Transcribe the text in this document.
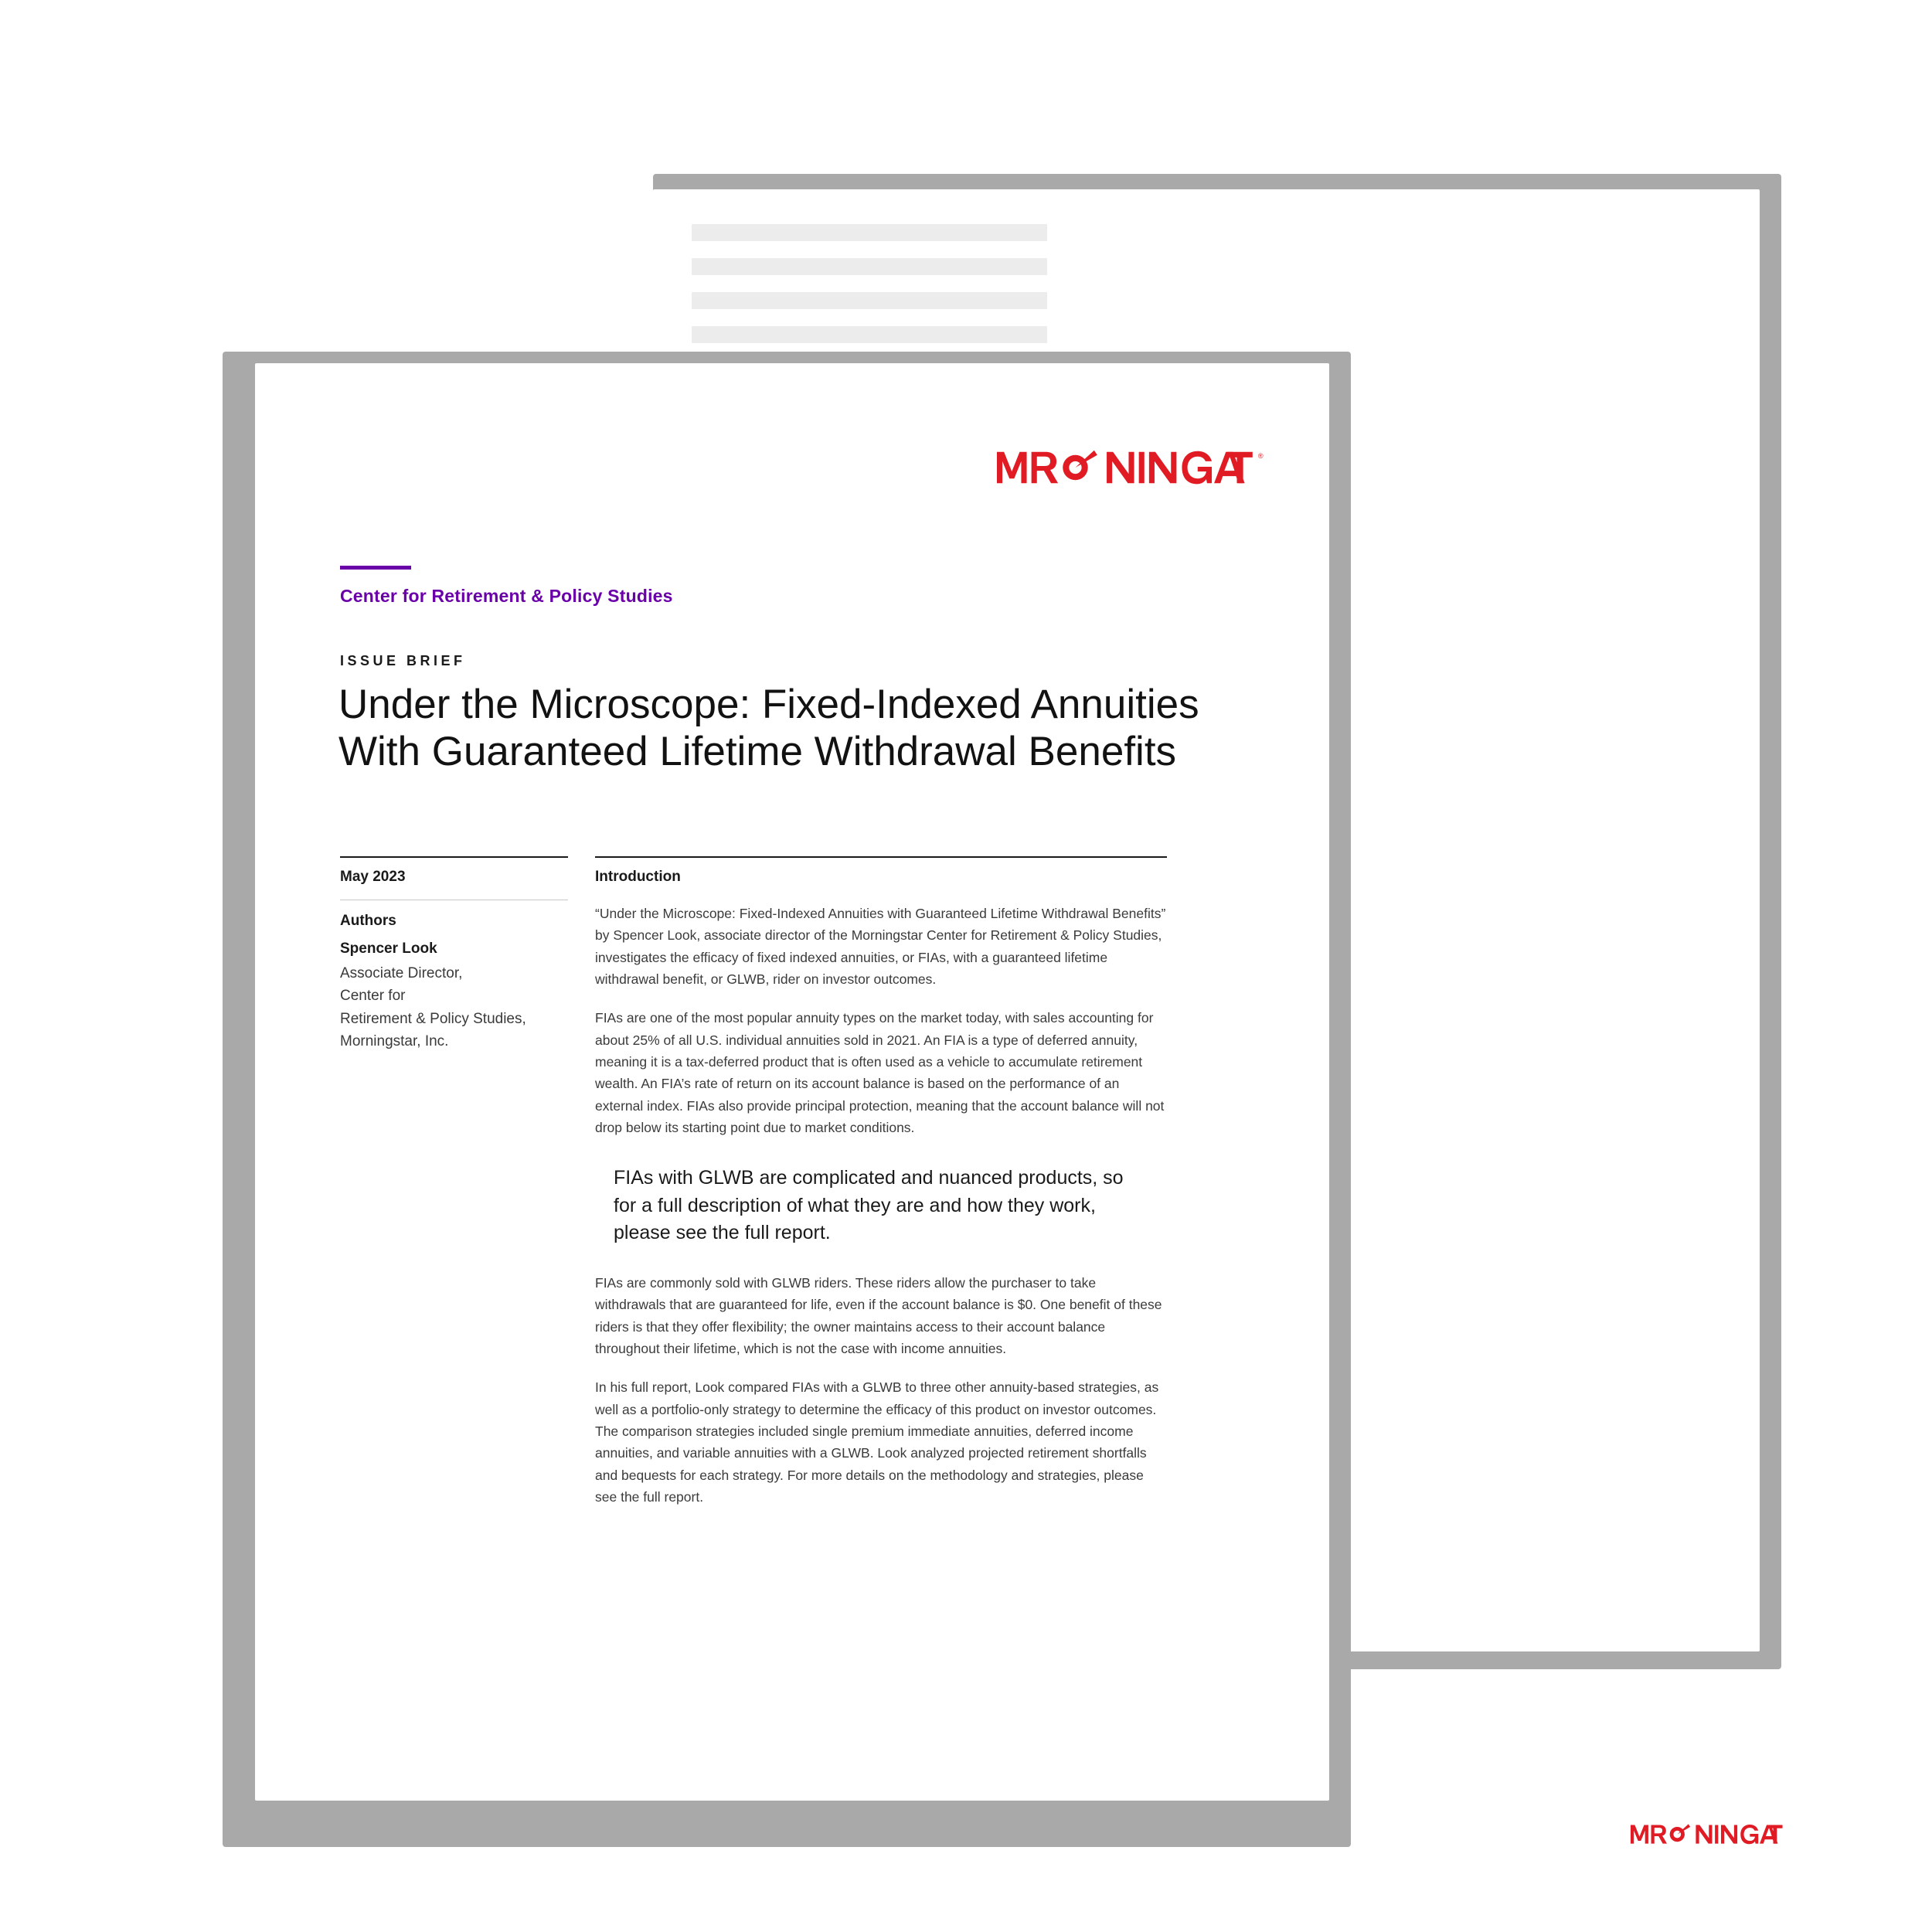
®
Center for Retirement & Policy Studies
ISSUE BRIEF
Under the Microscope: Fixed-Indexed Annuities With Guaranteed Lifetime Withdrawal Benefits
May 2023
Authors
Spencer Look
Associate Director,
Center for
Retirement & Policy Studies,
Morningstar, Inc.
Introduction

“Under the Microscope: Fixed-Indexed Annuities with Guaranteed Lifetime Withdrawal Benefits” by Spencer Look, associate director of the Morningstar Center for Retirement & Policy Studies, investigates the efficacy of fixed indexed annuities, or FIAs, with a guaranteed lifetime withdrawal benefit, or GLWB, rider on investor outcomes.

FIAs are one of the most popular annuity types on the market today, with sales accounting for about 25% of all U.S. individual annuities sold in 2021. An FIA is a type of deferred annuity, meaning it is a tax-deferred product that is often used as a vehicle to accumulate retirement wealth. An FIA’s rate of return on its account balance is based on the performance of an external index. FIAs also provide principal protection, meaning that the account balance will not drop below its starting point due to market conditions.

FIAs with GLWB are complicated and nuanced products, so for a full description of what they are and how they work, please see the full report.

FIAs are commonly sold with GLWB riders. These riders allow the purchaser to take withdrawals that are guaranteed for life, even if the account balance is $0. One benefit of these riders is that they offer flexibility; the owner maintains access to their account balance throughout their lifetime, which is not the case with income annuities.

In his full report, Look compared FIAs with a GLWB to three other annuity-based strategies, as well as a portfolio-only strategy to determine the efficacy of this product on investor outcomes. The comparison strategies included single premium immediate annuities, deferred income annuities, and variable annuities with a GLWB. Look analyzed projected retirement shortfalls and bequests for each strategy. For more details on the methodology and strategies, please see the full report.
